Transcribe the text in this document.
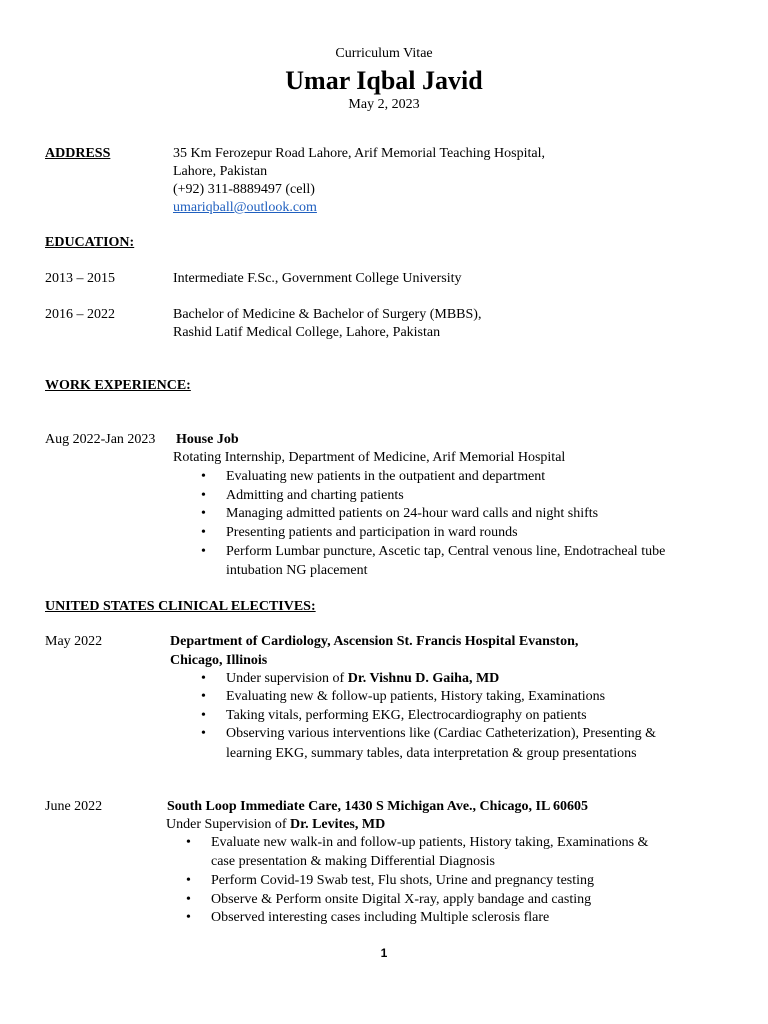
Curriculum Vitae
Umar Iqbal Javid
May 2, 2023
ADDRESS	35 Km Ferozepur Road Lahore, Arif Memorial Teaching Hospital,
Lahore, Pakistan
(+92) 311-8889497 (cell)
umariqball@outlook.com
EDUCATION:
2013 – 2015	Intermediate F.Sc., Government College University
2016 – 2022	Bachelor of Medicine & Bachelor of Surgery (MBBS),
Rashid Latif Medical College, Lahore, Pakistan
WORK EXPERIENCE:
Aug 2022-Jan 2023 House Job
Rotating Internship, Department of Medicine, Arif Memorial Hospital
• Evaluating new patients in the outpatient and department
• Admitting and charting patients
• Managing admitted patients on 24-hour ward calls and night shifts
• Presenting patients and participation in ward rounds
• Perform Lumbar puncture, Ascetic tap, Central venous line, Endotracheal tube
intubation NG placement
UNITED STATES CLINICAL ELECTIVES:
May 2022	Department of Cardiology, Ascension St. Francis Hospital Evanston,
Chicago, Illinois
• Under supervision of Dr. Vishnu D. Gaiha, MD
• Evaluating new & follow-up patients, History taking, Examinations
• Taking vitals, performing EKG, Electrocardiography on patients
• Observing various interventions like (Cardiac Catheterization), Presenting &
learning EKG, summary tables, data interpretation & group presentations
June 2022	South Loop Immediate Care, 1430 S Michigan Ave., Chicago, IL 60605
Under Supervision of Dr. Levites, MD
• Evaluate new walk-in and follow-up patients, History taking, Examinations &
case presentation & making Differential Diagnosis
• Perform Covid-19 Swab test, Flu shots, Urine and pregnancy testing
• Observe & Perform onsite Digital X-ray, apply bandage and casting
• Observed interesting cases including Multiple sclerosis flare
1
